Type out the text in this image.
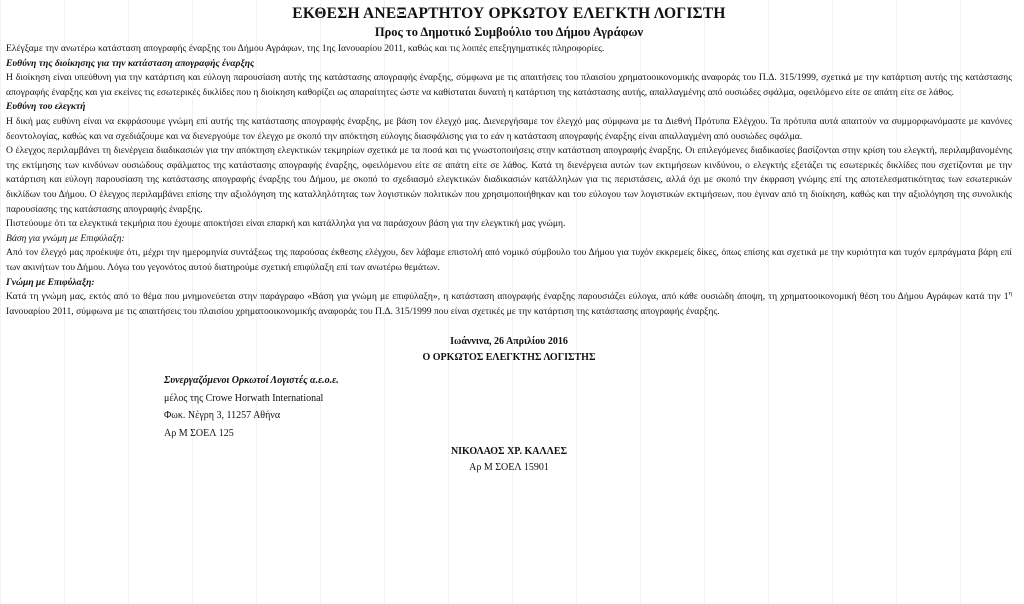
ΕΚΘΕΣΗ ΑΝΕΞΑΡΤΗΤΟΥ ΟΡΚΩΤΟΥ ΕΛΕΓΚΤΗ ΛΟΓΙΣΤΗ
Προς το Δημοτικό Συμβούλιο του Δήμου Αγράφων

Ελέγξαμε την ανωτέρω κατάσταση απογραφής έναρξης του Δήμου Αγράφων, της 1ης Ιανουαρίου 2011, καθώς και τις λοιπές επεξηγηματικές πληροφορίες.

Ευθύνη της διοίκησης για την κατάσταση απογραφής έναρξης

Η διοίκηση είναι υπεύθυνη για την κατάρτιση και εύλογη παρουσίαση αυτής της κατάστασης απογραφής έναρξης, σύμφωνα με τις απαιτήσεις του πλαισίου χρηματοοικονομικής αναφοράς του Π.Δ. 315/1999, σχετικά με την κατάρτιση αυτής της κατάστασης απογραφής έναρξης και για εκείνες τις εσωτερικές δικλίδες που η διοίκηση καθορίζει ως απαραίτητες ώστε να καθίσταται δυνατή η κατάρτιση της κατάστασης αυτής, απαλλαγμένης από ουσιώδες σφάλμα, οφειλόμενο είτε σε απάτη είτε σε λάθος.

Ευθύνη του ελεγκτή

Η δική μας ευθύνη είναι να εκφράσουμε γνώμη επί αυτής της κατάστασης απογραφής έναρξης, με βάση τον έλεγχό μας. Διενεργήσαμε τον έλεγχό μας σύμφωνα με τα Διεθνή Πρότυπα Ελέγχου. Τα πρότυπα αυτά απαιτούν να συμμορφωνόμαστε με κανόνες δεοντολογίας, καθώς και να σχεδιάζουμε και να διενεργούμε τον έλεγχο με σκοπό την απόκτηση εύλογης διασφάλισης για το εάν η κατάσταση απογραφής έναρξης είναι απαλλαγμένη από ουσιώδες σφάλμα.

Ο έλεγχος περιλαμβάνει τη διενέργεια διαδικασιών για την απόκτηση ελεγκτικών τεκμηρίων σχετικά με τα ποσά και τις γνωστοποιήσεις στην κατάσταση απογραφής έναρξης. Οι επιλεγόμενες διαδικασίες βασίζονται στην κρίση του ελεγκτή, περιλαμβανομένης της εκτίμησης των κινδύνων ουσιώδους σφάλματος της κατάστασης απογραφής έναρξης, οφειλόμενου είτε σε απάτη είτε σε λάθος. Κατά τη διενέργεια αυτών των εκτιμήσεων κινδύνου, ο ελεγκτής εξετάζει τις εσωτερικές δικλίδες που σχετίζονται με την κατάρτιση και εύλογη παρουσίαση της κατάστασης απογραφής έναρξης του Δήμου, με σκοπό το σχεδιασμό ελεγκτικών διαδικασιών κατάλληλων για τις περιστάσεις, αλλά όχι με σκοπό την έκφραση γνώμης επί της αποτελεσματικότητας των εσωτερικών δικλίδων του Δήμου. Ο έλεγχος περιλαμβάνει επίσης την αξιολόγηση της καταλληλότητας των λογιστικών πολιτικών που χρησιμοποιήθηκαν και του εύλογου των λογιστικών εκτιμήσεων, που έγιναν από τη διοίκηση, καθώς και την αξιολόγηση της συνολικής παρουσίασης της κατάστασης απογραφής έναρξης.

Πιστεύουμε ότι τα ελεγκτικά τεκμήρια που έχουμε αποκτήσει είναι επαρκή και κατάλληλα για να παράσχουν βάση για την ελεγκτική μας γνώμη.

Βάση για γνώμη με Επιφύλαξη:

Από τον έλεγχό μας προέκυψε ότι, μέχρι την ημερομηνία συντάξεως της παρούσας έκθεσης ελέγχου, δεν λάβαμε επιστολή από νομικό σύμβουλο του Δήμου για τυχόν εκκρεμείς δίκες, όπως επίσης και σχετικά με την κυριότητα και τυχόν εμπράγματα βάρη επί των ακινήτων του Δήμου. Λόγω του γεγονότος αυτού διατηρούμε σχετική επιφύλαξη επί των ανωτέρω θεμάτων.

Γνώμη με Επιφύλαξη:

Κατά τη γνώμη μας, εκτός από το θέμα που μνημονεύεται στην παράγραφο «Βάση για γνώμη με επιφύλαξη», η κατάσταση απογραφής έναρξης παρουσιάζει εύλογα, από κάθε ουσιώδη άποψη, τη χρηματοοικονομική θέση του Δήμου Αγράφων κατά την $1^\eta$ Ιανουαρίου 2011, σύμφωνα με τις απαιτήσεις του πλαισίου χρηματοοικονομικής αναφοράς του Π.Δ. 315/1999 που είναι σχετικές με την κατάρτιση της κατάστασης απογραφής έναρξης.

Ιωάννινα, 26 Απριλίου 2016
Ο ΟΡΚΩΤΟΣ ΕΛΕΓΚΤΗΣ ΛΟΓΙΣΤΗΣ
Συνεργαζόμενοι Ορκωτοί Λογιστές α.ε.ο.ε.
μέλος της Crowe Horwath International
Φωκ. Νέγρη 3, 11257 Αθήνα
Αρ Μ ΣΟΕΛ 125
ΝΙΚΟΛΑΟΣ ΧΡ. ΚΑΛΛΕΣ
Αρ Μ ΣΟΕΛ 15901
